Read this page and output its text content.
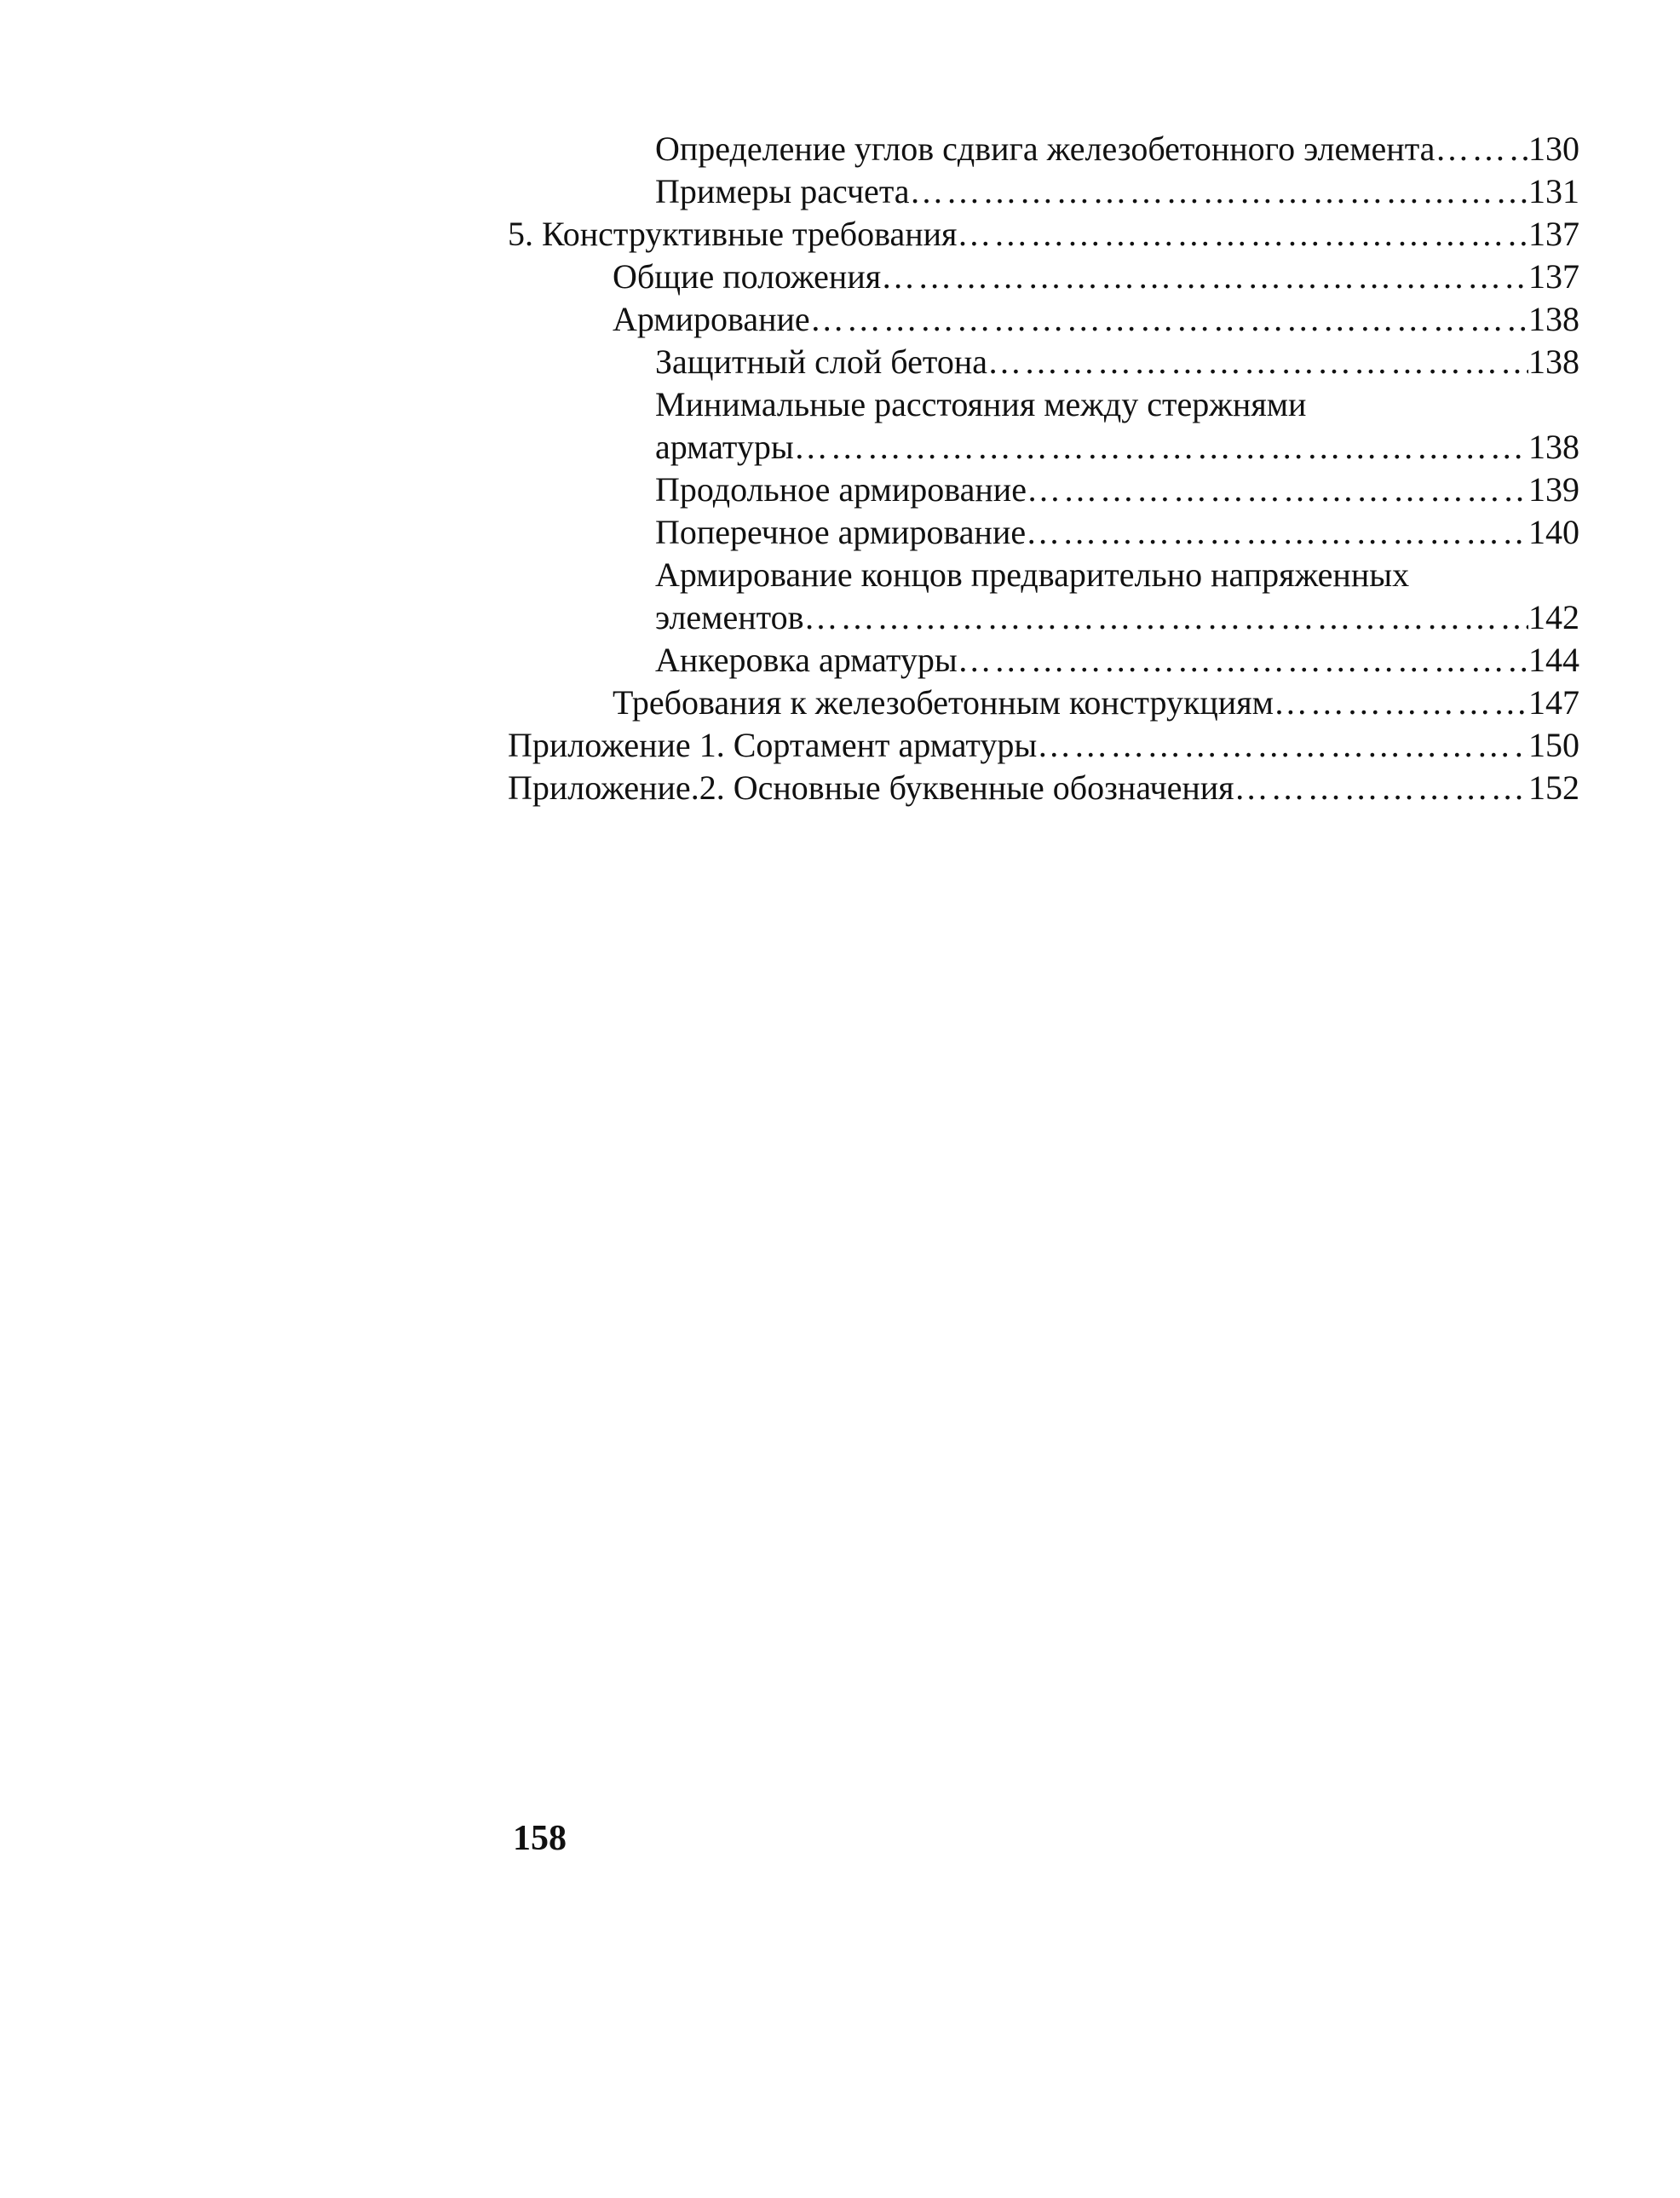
Определение углов сдвига железобетонного элемента …………………………………………………………………………………………………………………………………………………………………………………………	130
Примеры расчета …………………………………………………………………………………………………………………………………………………………………………………………	131
5. Конструктивные требования …………………………………………………………………………………………………………………………………………………………………………………………	137
Общие положения …………………………………………………………………………………………………………………………………………………………………………………………	137
Армирование …………………………………………………………………………………………………………………………………………………………………………………………	138
Защитный слой бетона …………………………………………………………………………………………………………………………………………………………………………………………	138
Минимальные расстояния между стержнями
арматуры …………………………………………………………………………………………………………………………………………………………………………………………	138
Продольное армирование …………………………………………………………………………………………………………………………………………………………………………………………	139
Поперечное армирование …………………………………………………………………………………………………………………………………………………………………………………………	140
Армирование концов предварительно напряженных
элементов …………………………………………………………………………………………………………………………………………………………………………………………	142
Анкеровка арматуры …………………………………………………………………………………………………………………………………………………………………………………………	144
Требования к железобетонным конструкциям …………………………………………………………………………………………………………………………………………………………………………………………	147
Приложение 1. Сортамент арматуры …………………………………………………………………………………………………………………………………………………………………………………………	150
Приложение.2. Основные буквенные обозначения …………………………………………………………………………………………………………………………………………………………………………………………	152
158
